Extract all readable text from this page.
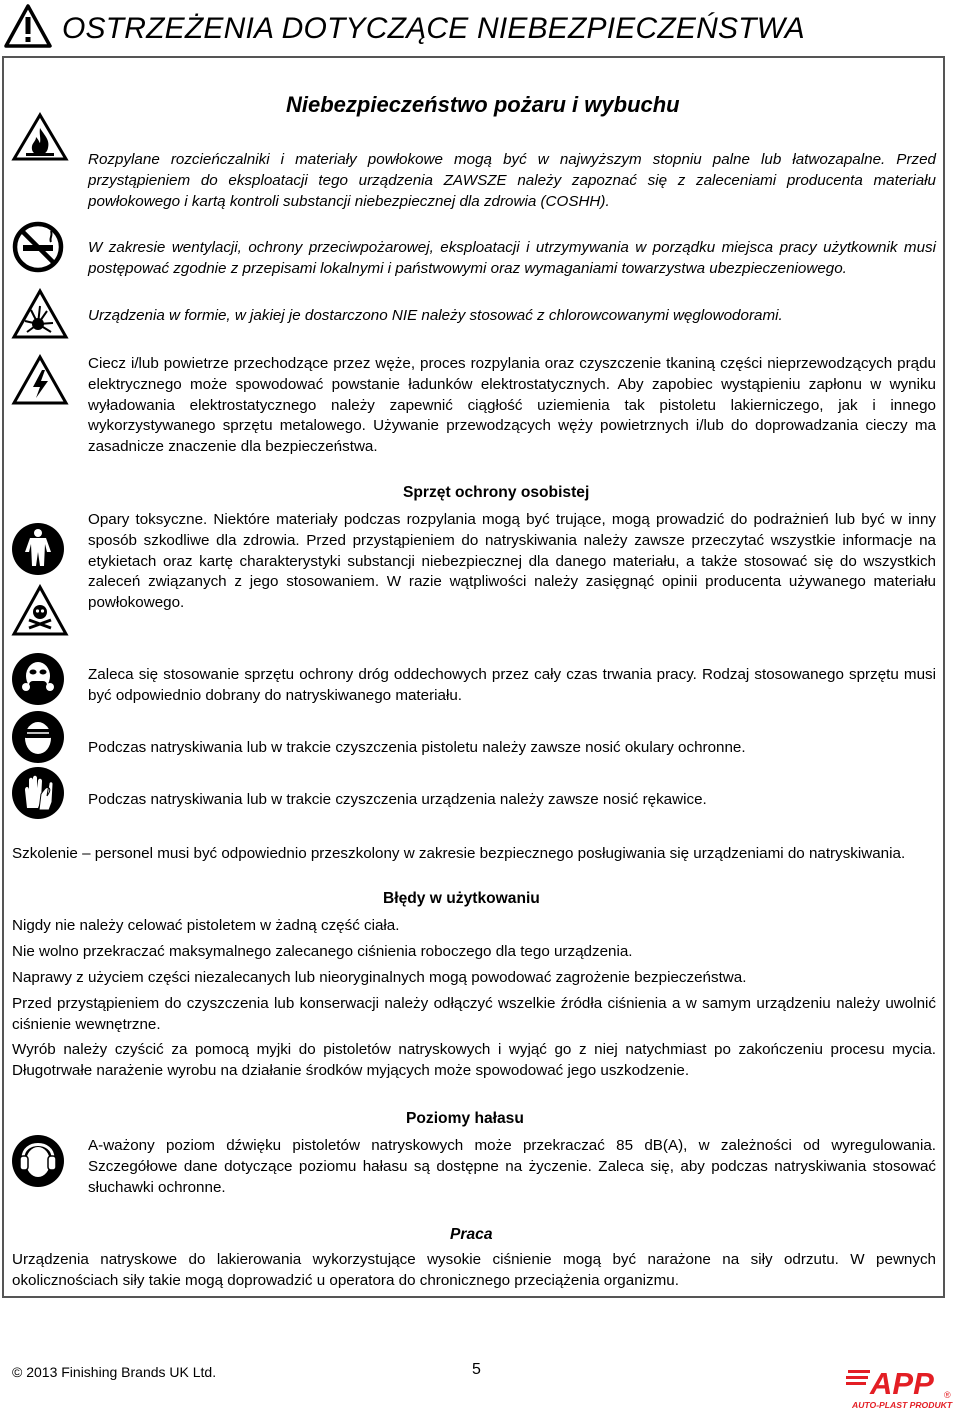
OSTRZEŻENIA DOTYCZĄCE NIEBEZPIECZEŃSTWA
Niebezpieczeństwo pożaru i wybuchu

Rozpylane rozcieńczalniki i materiały powłokowe mogą być w najwyższym stopniu palne lub łatwozapalne. Przed przystąpieniem do eksploatacji tego urządzenia ZAWSZE należy zapoznać się z zaleceniami producenta materiału powłokowego i kartą kontroli substancji niebezpiecznej dla zdrowia (COSHH).

W zakresie wentylacji, ochrony przeciwpożarowej, eksploatacji i utrzymywania w porządku miejsca pracy użytkownik musi postępować zgodnie z przepisami lokalnymi i państwowymi oraz wymaganiami towarzystwa ubezpieczeniowego.

Urządzenia w formie, w jakiej je dostarczono NIE należy stosować z chlorowcowanymi węglowodorami.

Ciecz i/lub powietrze przechodzące przez węże, proces rozpylania oraz czyszczenie tkaniną części nieprzewodzących prądu elektrycznego może spowodować powstanie ładunków elektrostatycznych. Aby zapobiec wystąpieniu zapłonu w wyniku wyładowania elektrostatycznego należy zapewnić ciągłość uziemienia tak pistoletu lakierniczego, jak i innego wykorzystywanego sprzętu metalowego. Używanie przewodzących węży powietrznych i/lub do doprowadzania cieczy ma zasadnicze znaczenie dla bezpieczeństwa.

Sprzęt ochrony osobistej

Opary toksyczne. Niektóre materiały podczas rozpylania mogą być trujące, mogą prowadzić do podrażnień lub być w inny sposób szkodliwe dla zdrowia. Przed przystąpieniem do natryskiwania należy zawsze przeczytać wszystkie informacje na etykietach oraz kartę charakterystyki substancji niebezpiecznej dla danego materiału, a także stosować się do wszystkich zaleceń związanych z jego stosowaniem. W razie wątpliwości należy zasięgnąć opinii producenta używanego materiału powłokowego.

Zaleca się stosowanie sprzętu ochrony dróg oddechowych przez cały czas trwania pracy. Rodzaj stosowanego sprzętu musi być odpowiednio dobrany do natryskiwanego materiału.

Podczas natryskiwania lub w trakcie czyszczenia pistoletu należy zawsze nosić okulary ochronne.

Podczas natryskiwania lub w trakcie czyszczenia urządzenia należy zawsze nosić rękawice.

Szkolenie – personel musi być odpowiednio przeszkolony w zakresie bezpiecznego posługiwania się urządzeniami do natryskiwania.

Błędy w użytkowaniu

Nigdy nie należy celować pistoletem w żadną część ciała.

Nie wolno przekraczać maksymalnego zalecanego ciśnienia roboczego dla tego urządzenia.

Naprawy z użyciem części niezalecanych lub nieoryginalnych mogą powodować zagrożenie bezpieczeństwa.

Przed przystąpieniem do czyszczenia lub konserwacji należy odłączyć wszelkie źródła ciśnienia a w samym urządzeniu należy uwolnić ciśnienie wewnętrzne.

Wyrób należy czyścić za pomocą myjki do pistoletów natryskowych i wyjąć go z niej natychmiast po zakończeniu procesu mycia. Długotrwałe narażenie wyrobu na działanie środków myjących może spowodować jego uszkodzenie.

Poziomy hałasu

A-ważony poziom dźwięku pistoletów natryskowych może przekraczać 85 dB(A), w zależności od wyregulowania. Szczegółowe dane dotyczące poziomu hałasu są dostępne na życzenie. Zaleca się, aby podczas natryskiwania stosować słuchawki ochronne.

Praca

Urządzenia natryskowe do lakierowania wykorzystujące wysokie ciśnienie mogą być narażone na siły odrzutu. W pewnych okolicznościach siły takie mogą doprowadzić u operatora do chronicznego przeciążenia organizmu.

© 2013 Finishing Brands UK Ltd.	5	APP ®
AUTO-PLAST PRODUKT
